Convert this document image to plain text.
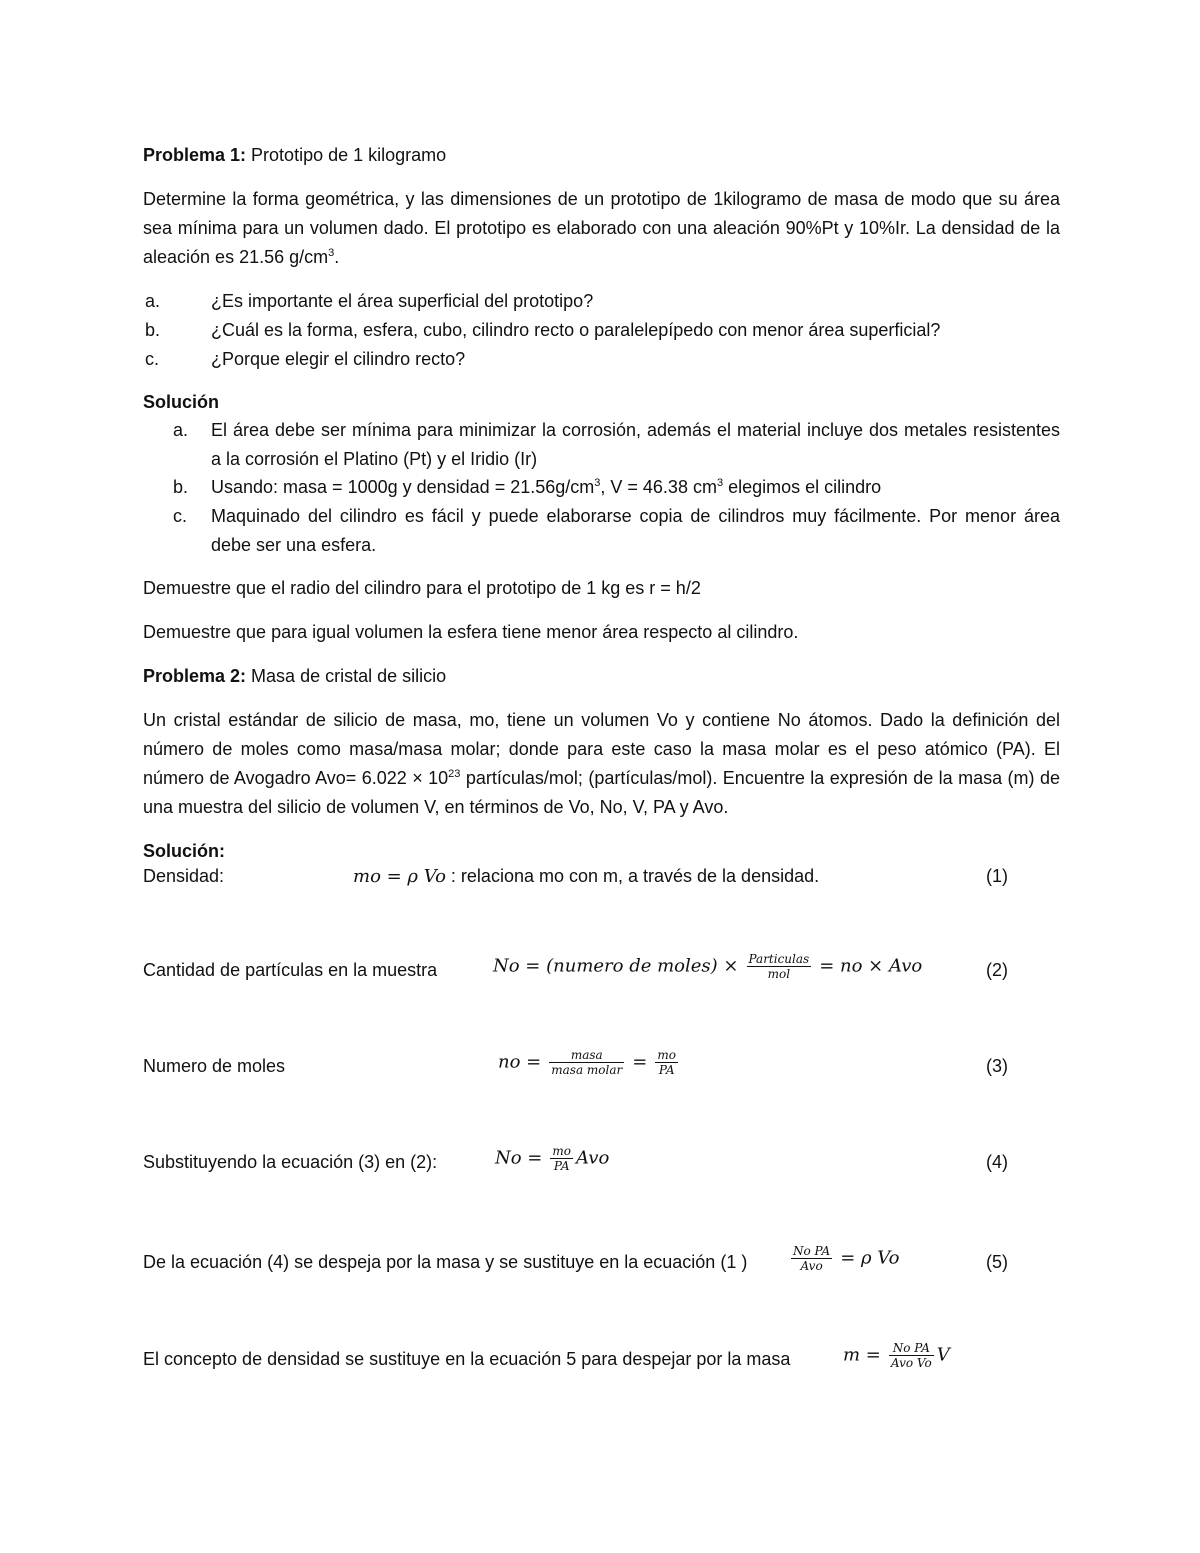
Problema 1: Prototipo de 1 kilogramo
Determine la forma geométrica, y las dimensiones de un prototipo de 1kilogramo de masa de modo que su área sea mínima para un volumen dado. El prototipo es elaborado con una aleación 90%Pt y 10%Ir. La densidad de la aleación es 21.56 $g/cm^3$.
a.	¿Es importante el área superficial del prototipo?
b.	¿Cuál es la forma, esfera, cubo, cilindro recto o paralelepípedo con menor área superficial?
c.	¿Porque elegir el cilindro recto?
Solución
a. El área debe ser mínima para minimizar la corrosión, además el material incluye dos metales resistentes a la corrosión el Platino (Pt) y el Iridio (Ir)
b. Usando: masa = 1000g y densidad = $21.56g/cm^3$, V = 46.38 $cm^3$ elegimos el cilindro
c. Maquinado del cilindro es fácil y puede elaborarse copia de cilindros muy fácilmente. Por menor área debe ser una esfera.
Demuestre que el radio del cilindro para el prototipo de 1 kg es r = h/2
Demuestre que para igual volumen la esfera tiene menor área respecto al cilindro.
Problema 2: Masa de cristal de silicio
Un cristal estándar de silicio de masa, mo, tiene un volumen Vo y contiene No átomos. Dado la definición del número de moles como masa/masa molar; donde para este caso la masa molar es el peso atómico (PA). El número de Avogadro $Avo= 6.022 \times 10^{23}$ partículas/mol; (partículas/mol). Encuentre la expresión de la masa (m) de una muestra del silicio de volumen V, en términos de Vo, No, V, PA y Avo.
Solución:
Densidad:	mo = ρ Vo : relaciona mo con m, a través de la densidad.	(1)
Cantidad de partículas en la muestra	No = (numero de moles) × $\frac{\text{Particulas}}{\text{mol}}$ = no × Avo	(2)
Numero de moles	no = $\frac{\text{masa}}{\text{masa molar}} = \frac{mo}{PA}$	(3)
Substituyendo la ecuación (3) en (2):	$No = \frac{mo}{PA}$ Avo	(4)
De la ecuación (4) se despeja por la masa y se sustituye en la ecuación (1 )	$\frac{\text{No PA}}{\text{Avo}} = \rho$ Vo	(5)
El concepto de densidad se sustituye en la ecuación 5 para despejar por la masa	$m = \frac{\text{No PA}}{\text{Avo Vo}}$ V
